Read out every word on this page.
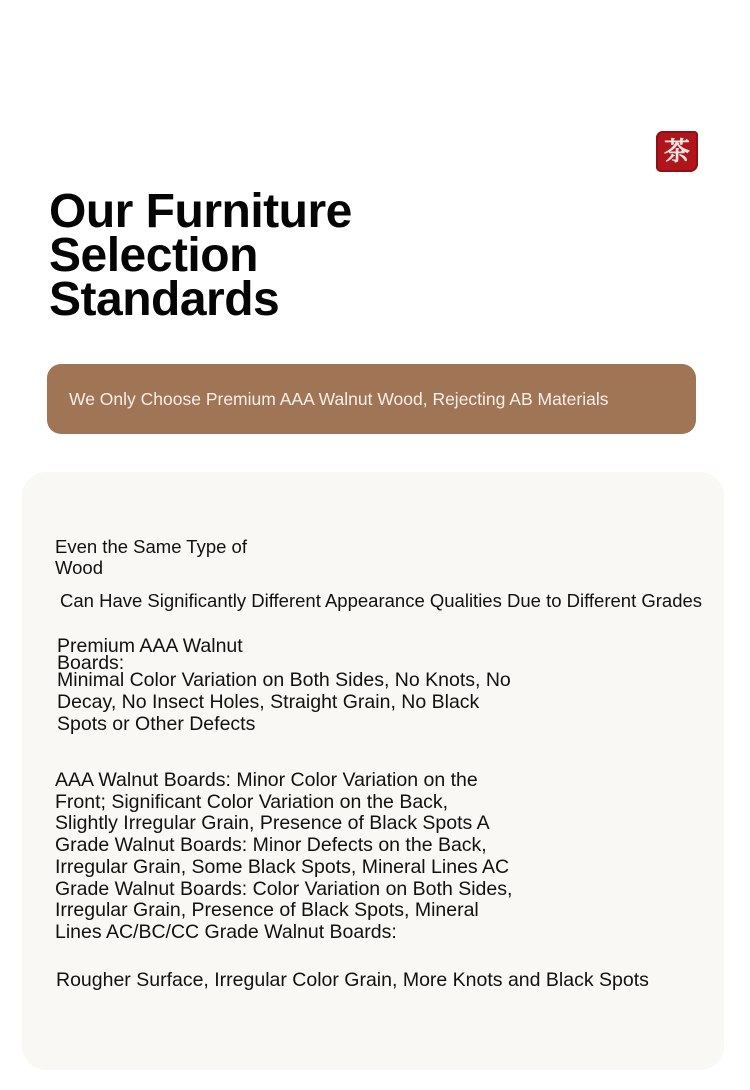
茶
Our Furniture Selection Standards
We Only Choose Premium AAA Walnut Wood, Rejecting AB Materials

Even the Same Type of Wood

Can Have Significantly Different Appearance Qualities Due to Different Grades

Premium AAA Walnut Boards:

Minimal Color Variation on Both Sides, No Knots, No Decay, No Insect Holes, Straight Grain, No Black Spots or Other Defects

AAA Walnut Boards: Minor Color Variation on the Front; Significant Color Variation on the Back, Slightly Irregular Grain, Presence of Black Spots A Grade Walnut Boards: Minor Defects on the Back, Irregular Grain, Some Black Spots, Mineral Lines AC Grade Walnut Boards: Color Variation on Both Sides, Irregular Grain, Presence of Black Spots, Mineral Lines AC/BC/CC Grade Walnut Boards:

Rougher Surface, Irregular Color Grain, More Knots and Black Spots
